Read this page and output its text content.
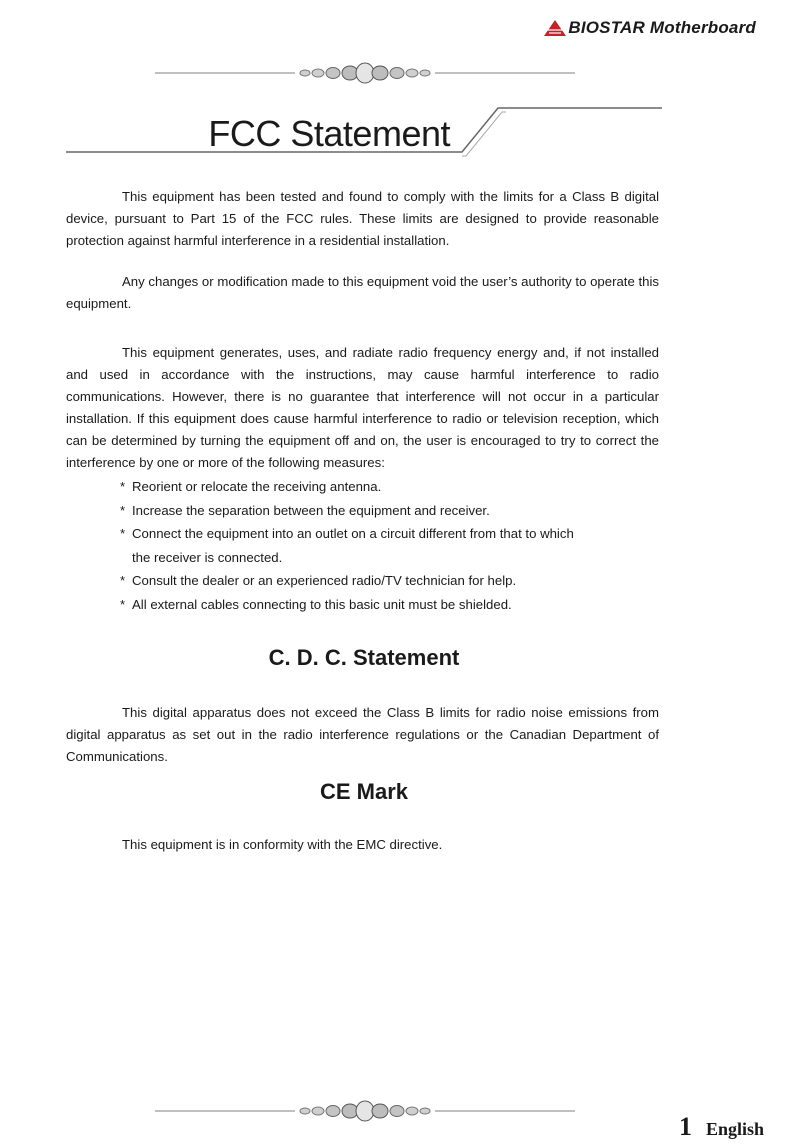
BIOSTAR Motherboard
FCC Statement

This equipment has been tested and found to comply with the limits for a Class B digital device, pursuant to Part 15 of the FCC rules. These limits are designed to provide reasonable protection against harmful interference in a residential installation.

Any changes or modification made to this equipment void the user’s authority to operate this equipment.

This equipment generates, uses, and radiate radio frequency energy and, if not installed and used in accordance with the instructions, may cause harmful interference to radio communications. However, there is no guarantee that interference will not occur in a particular installation. If this equipment does cause harmful interference to radio or television reception, which can be determined by turning the equipment off and on, the user is encouraged to try to correct the interference by one or more of the following measures:

* Reorient or relocate the receiving antenna.
* Increase the separation between the equipment and receiver.
* Connect the equipment into an outlet on a circuit different from that to which the receiver is connected.
* Consult the dealer or an experienced radio/TV technician for help.
* All external cables connecting to this basic unit must be shielded.
C. D. C. Statement

This digital apparatus does not exceed the Class B limits for radio noise emissions from digital apparatus as set out in the radio interference regulations or the Canadian Department of Communications.

CE Mark

This equipment is in conformity with the EMC directive.

1 English
